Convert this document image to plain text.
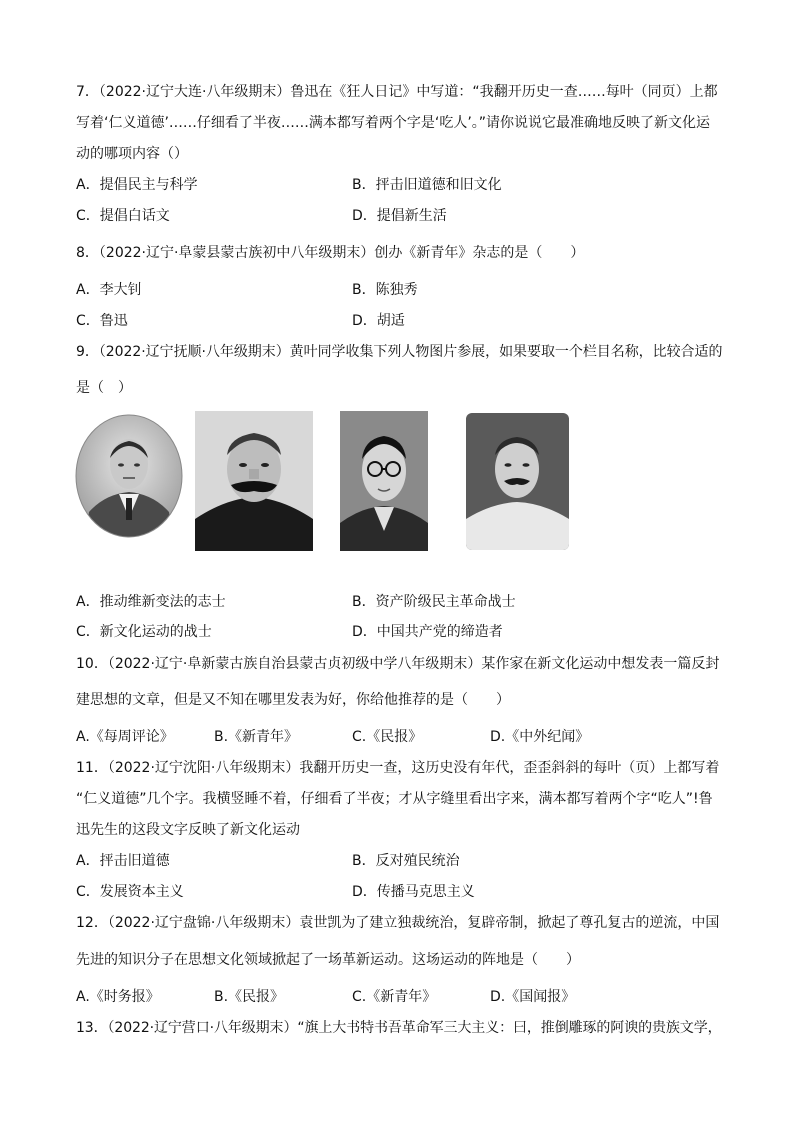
7．（2022·辽宁大连·八年级期末）鲁迅在《狂人日记》中写道：“我翻开历史一查……每叶（同页）上都
写着‘仁义道德’……仔细看了半夜……满本都写着两个字是‘吃人’。”请你说说它最准确地反映了新文化运
动的哪项内容（）
A．提倡民主与科学	B．抨击旧道德和旧文化
C．提倡白话文	D．提倡新生活
8．（2022·辽宁·阜蒙县蒙古族初中八年级期末）创办《新青年》杂志的是（　　）
A．李大钊	B．陈独秀
C．鲁迅	D．胡适
9．（2022·辽宁抚顺·八年级期末）黄叶同学收集下列人物图片参展，如果要取一个栏目名称，比较合适的
是（　）
A．推动维新变法的志士	B．资产阶级民主革命战士
C．新文化运动的战士	D．中国共产党的缔造者
10．（2022·辽宁·阜新蒙古族自治县蒙古贞初级中学八年级期末）某作家在新文化运动中想发表一篇反封
建思想的文章，但是又不知在哪里发表为好，你给他推荐的是（　　）
A.《每周评论》	B.《新青年》	C.《民报》	D.《中外纪闻》
11．（2022·辽宁沈阳·八年级期末）我翻开历史一查，这历史没有年代，歪歪斜斜的每叶（页）上都写着
“仁义道德”几个字。我横竖睡不着，仔细看了半夜；才从字缝里看出字来，满本都写着两个字“吃人”!鲁
迅先生的这段文字反映了新文化运动
A．抨击旧道德	B．反对殖民统治
C．发展资本主义	D．传播马克思主义
12．（2022·辽宁盘锦·八年级期末）袁世凯为了建立独裁统治，复辟帝制，掀起了尊孔复古的逆流，中国
先进的知识分子在思想文化领域掀起了一场革新运动。这场运动的阵地是（　　）
A.《时务报》	B.《民报》	C.《新青年》	D.《国闻报》
13．（2022·辽宁营口·八年级期末）“旗上大书特书吾革命军三大主义：曰，推倒雕琢的阿谀的贵族文学，
